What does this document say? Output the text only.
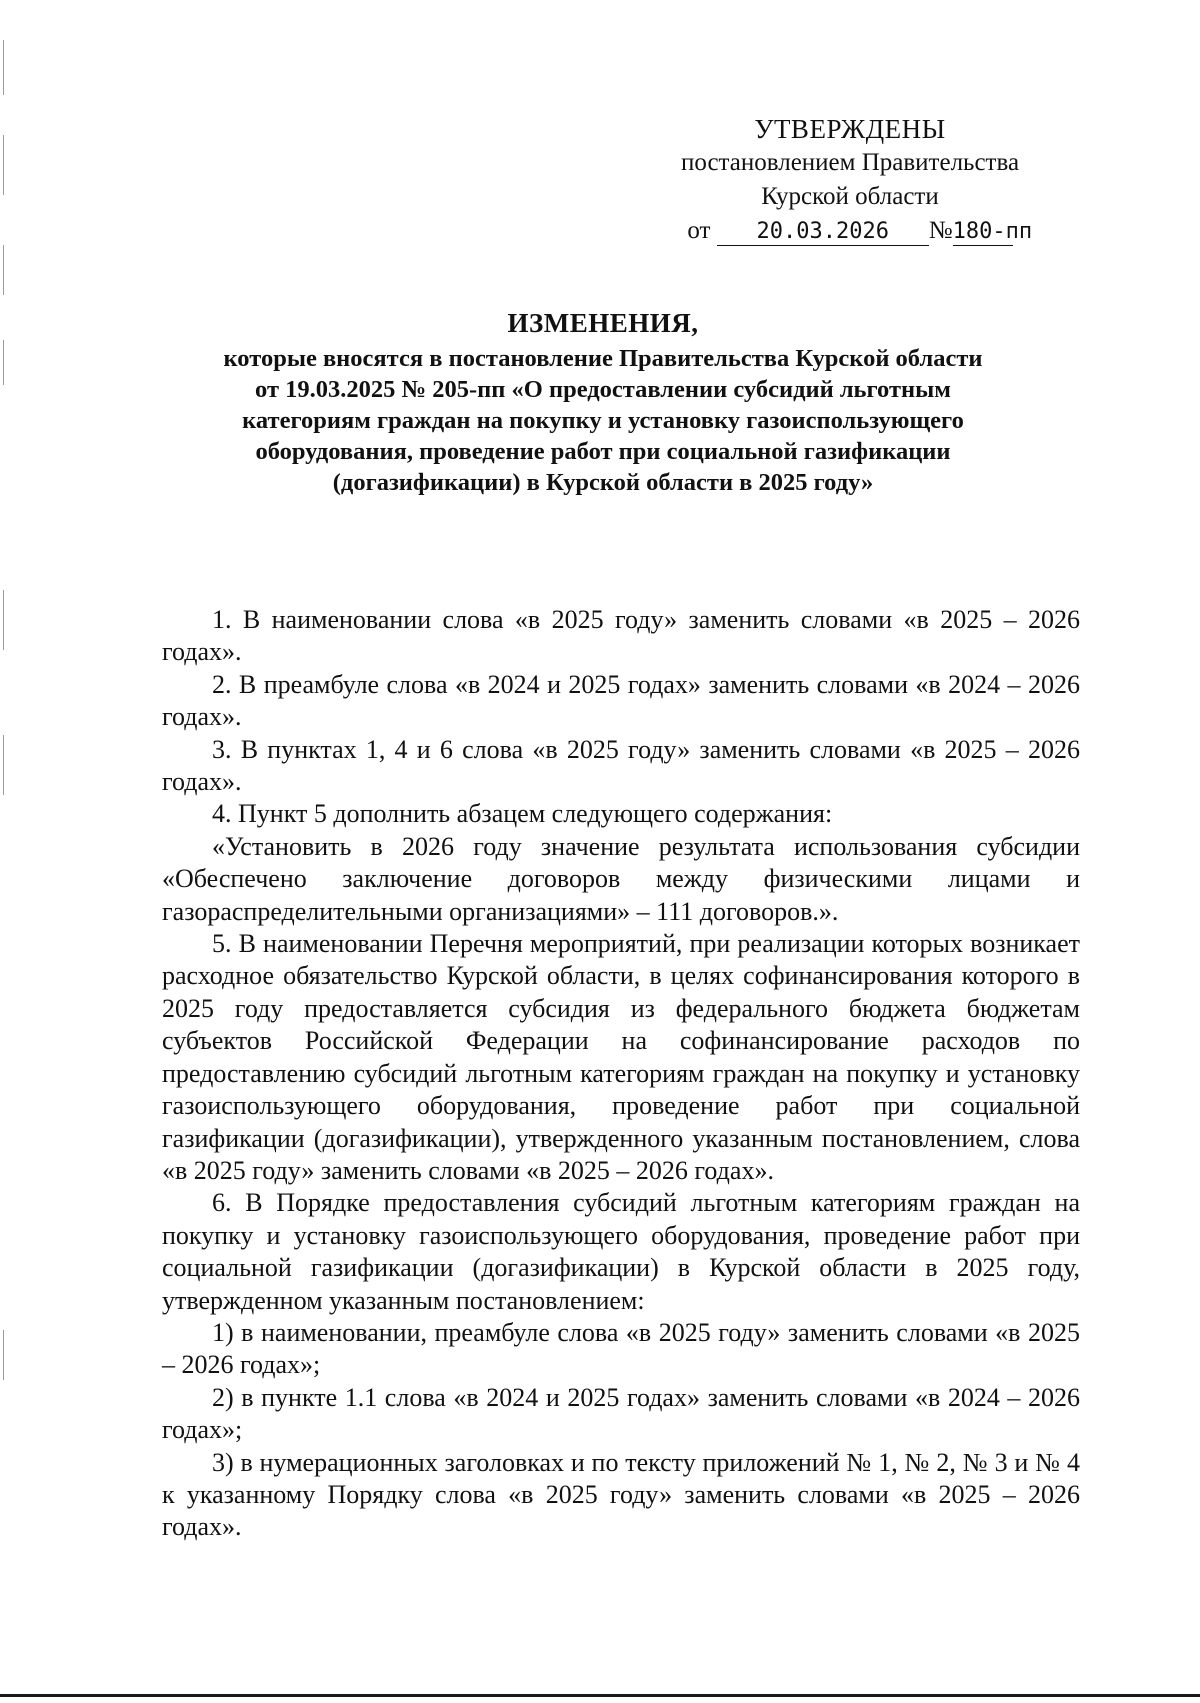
УТВЕРЖДЕНЫ
постановлением Правительства
Курской области
от 20.03.2026 №180-пп
ИЗМЕНЕНИЯ,
которые вносятся в постановление Правительства Курской области
от 19.03.2025 № 205-пп «О предоставлении субсидий льготным
категориям граждан на покупку и установку газоиспользующего
оборудования, проведение работ при социальной газификации
(догазификации) в Курской области в 2025 году»

1. В наименовании слова «в 2025 году» заменить словами «в 2025 – 2026 годах».

2. В преамбуле слова «в 2024 и 2025 годах» заменить словами «в 2024 – 2026 годах».

3. В пунктах 1, 4 и 6 слова «в 2025 году» заменить словами «в 2025 – 2026 годах».

4. Пункт 5 дополнить абзацем следующего содержания:

«Установить в 2026 году значение результата использования субсидии «Обеспечено заключение договоров между физическими лицами и газораспределительными организациями» – 111 договоров.».

5. В наименовании Перечня мероприятий, при реализации которых возникает расходное обязательство Курской области, в целях софинансирования которого в 2025 году предоставляется субсидия из федерального бюджета бюджетам субъектов Российской Федерации на софинансирование расходов по предоставлению субсидий льготным категориям граждан на покупку и установку газоиспользующего оборудования, проведение работ при социальной газификации (догазификации), утвержденного указанным постановлением, слова «в 2025 году» заменить словами «в 2025 – 2026 годах».

6. В Порядке предоставления субсидий льготным категориям граждан на покупку и установку газоиспользующего оборудования, проведение работ при социальной газификации (догазификации) в Курской области в 2025 году, утвержденном указанным постановлением:

1) в наименовании, преамбуле слова «в 2025 году» заменить словами «в 2025 – 2026 годах»;

2) в пункте 1.1 слова «в 2024 и 2025 годах» заменить словами «в 2024 – 2026 годах»;

3) в нумерационных заголовках и по тексту приложений № 1, № 2, № 3 и № 4 к указанному Порядку слова «в 2025 году» заменить словами «в 2025 – 2026 годах».
